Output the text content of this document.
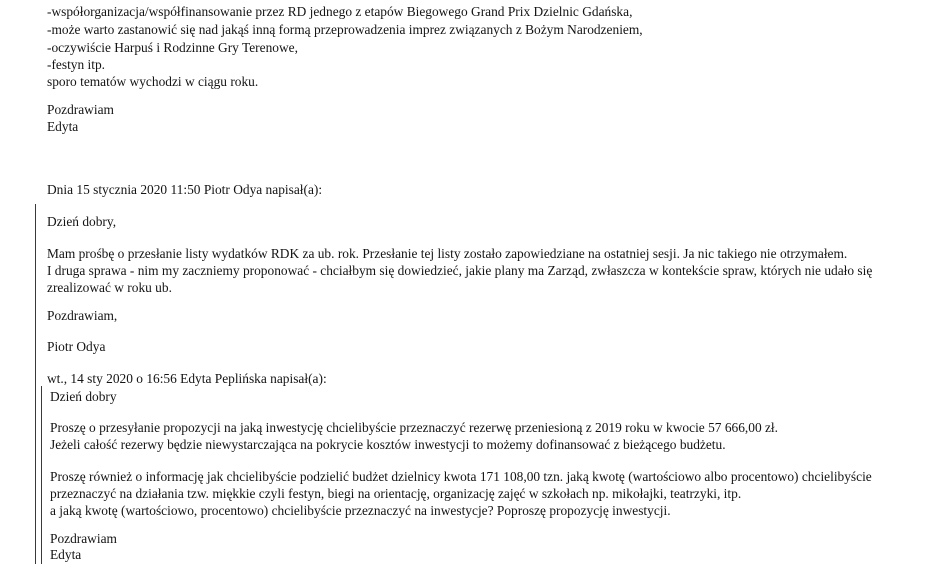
-współorganizacja/współfinansowanie przez RD jednego z etapów Biegowego Grand Prix Dzielnic Gdańska,
-może warto zastanowić się nad jakąś inną formą przeprowadzenia imprez związanych z Bożym Narodzeniem,
-oczywiście Harpuś i Rodzinne Gry Terenowe,
-festyn itp.
sporo tematów wychodzi w ciągu roku.
Pozdrawiam
Edyta
Dnia 15 stycznia 2020 11:50 Piotr Odya napisał(a):
Dzień dobry,
Mam prośbę o przesłanie listy wydatków RDK za ub. rok. Przesłanie tej listy zostało zapowiedziane na ostatniej sesji. Ja nic takiego nie otrzymałem.
I druga sprawa - nim my zaczniemy proponować - chciałbym się dowiedzieć, jakie plany ma Zarząd, zwłaszcza w kontekście spraw, których nie udało się
zrealizować w roku ub.
Pozdrawiam,
Piotr Odya
wt., 14 sty 2020 o 16:56 Edyta Peplińska napisał(a):
Dzień dobry
Proszę o przesyłanie propozycji na jaką inwestycję chcielibyście przeznaczyć rezerwę przeniesioną z 2019 roku w kwocie 57 666,00 zł.
Jeżeli całość rezerwy będzie niewystarczająca na pokrycie kosztów inwestycji to możemy dofinansować z bieżącego budżetu.
Proszę również o informację jak chcielibyście podzielić budżet dzielnicy kwota 171 108,00 tzn. jaką kwotę (wartościowo albo procentowo) chcielibyście
przeznaczyć na działania tzw. miękkie czyli festyn, biegi na orientację, organizację zajęć w szkołach np. mikołajki, teatrzyki, itp.
a jaką kwotę (wartościowo, procentowo) chcielibyście przeznaczyć na inwestycje? Poproszę propozycję inwestycji.
Pozdrawiam
Edyta
